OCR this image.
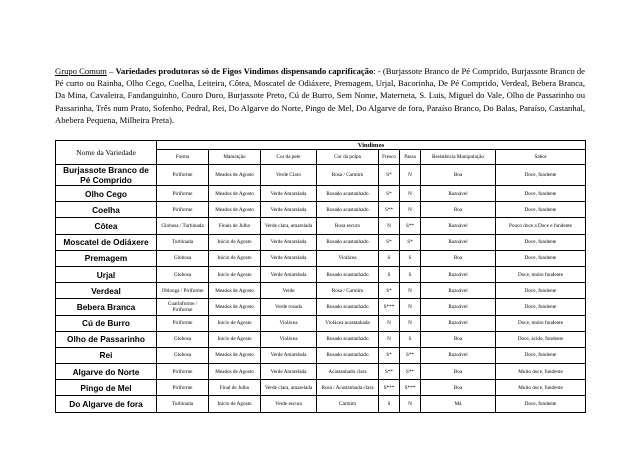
Grupo Comum – Variedades produtoras só de Figos Vindimos dispensando caprificação: - (Burjassote Branco de Pé Comprido, Burjassote Branco de Pé curto ou Rainha, Olho Cego, Coelha, Leiteira, Côtea, Moscatel de Odiáxere, Premagem, Urjal, Bacorinha, De Pé Comprido, Verdeal, Bebera Branca, Da Mina, Cavaleira, Fandanguinho, Couro Duro, Burjassote Preto, Cú de Burro, Sem Nome, Materneta, S. Luis, Miguel do Vale, Olho de Passarinho ou Passarinha, Três num Prato, Sofenho, Pedral, Rei, Do Algarve do Norte, Pingo de Mel, Do Algarve de fora, Paraíso Branco, Do Balas, Paraíso, Castanhal, Abebera Pequena, Milheira Preta).

Nome da Variedade	Vindimos							
	Forma	Maturação	Cor da pele	Cor da polpa	Fresco	Passa	Resistência Manipulação	Sabor
Burjassote Branco de Pé Comprido	Piriforme	Meados de Agosto	Verde Claro	Rosa / Carmim	S*	N	Boa	Doce, fundente
Olho Cego	Piriforme	Meados de Agosto	Verde Amarelada	Rosado acastanhado	S*	N	Razoável	Doce, fundente
Coelha	Piriforme	Meados de Agosto	Verde Amarelada	Rosado acastanhado	S**	N	Boa	Doce, fundente
Côtea	Globosa / Turbinada	Finais de Julho	Verde clara, amarelada	Rosa escuro	N	S**	Razoável	Pouco doce a Doce e fundente
Moscatel de Odiáxere	Turbinada	Inicio de Agosto	Verde Amarelada	Rosado acastanhado	S*	S*	Razoável	Doce, fundente
Premagem	Globosa	Inicio de Agosto	Verde Amarelada	Violácea	S	S	Boa	Doce, fundente
Urjal	Globosa	Inicio de Agosto	Verde Amarelada	Rosado acastanhado	S	S	Razoável	Doce, muito fundente
Verdeal	Oblonga / Piriforme	Meados de Agosto	Verde	Rosa / Carmim	S*	N	Razoável	Doce, fundente
Bebera Branca	Cuarbiforme / Piriforme	Meados de Agosto	Verde rosada	Rosado acastanhado	S***	N	Razoável	Doce, fundente
Cú de Burro	Piriforme	Inicio de Agosto	Violácea	Violácea acastanhada	N	N	Razoável	Doce, muito fundente
Olho de Passarinho	Globosa	Inicio de Agosto	Violácea	Rosado acastanhado	N	S	Boa	Doce, ácido, fundente
Rei	Globosa	Meados de Agosto	Verde Amarelada	Rosado acastanhado	S*	S**	Razoável	Doce, fundente
Algarve do Norte	Piriforme	Meados de Agosto	Verde Amarelada	Acastanhado clara	S**	S**	Boa	Muito doce, fundente
Pingo de Mel	Piriforme	Final de Julho	Verde clara, amarelada	Rosa / Acastanhada clara	S***	S***	Boa	Muito doce, fundente
Do Algarve de fora	Turbinada	Inicio de Agosto	Verde escura	Carmim	S	N	Má	Doce, fundente
